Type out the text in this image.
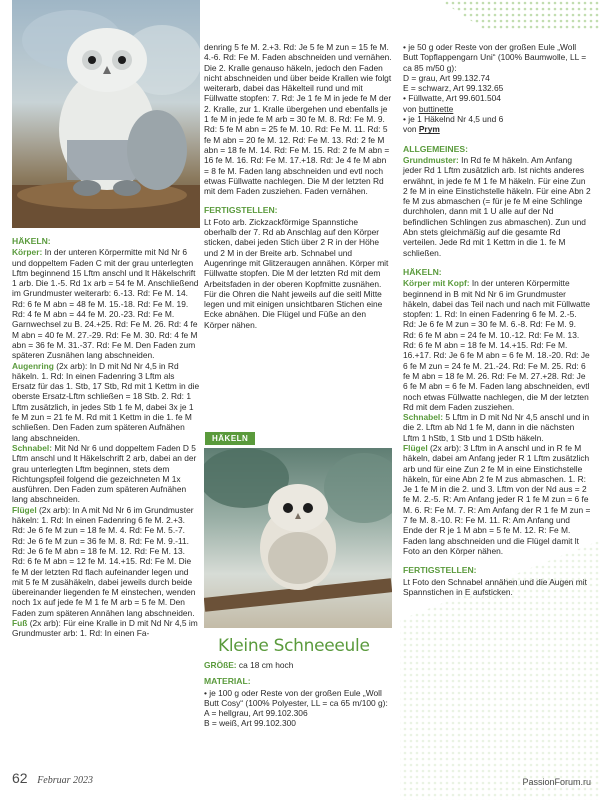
HÄKELN:

Körper: In der unteren Körpermitte mit Nd Nr 6 und doppeltem Faden C mit der grau unterlegten Lftm beginnend 15 Lftm anschl und lt Häkelschrift 1 arb. Die 1.-5. Rd 1x arb = 54 fe M. Anschließend im Grundmuster weiterarb: 6.-13. Rd: Fe M. 14. Rd: 6 fe M abn = 48 fe M. 15.-18. Rd: Fe M. 19. Rd: 4 fe M abn = 44 fe M. 20.-23. Rd: Fe M. Garnwechsel zu B. 24.+25. Rd: Fe M. 26. Rd: 4 fe M abn = 40 fe M. 27.-29. Rd: Fe M. 30. Rd: 4 fe M abn = 36 fe M. 31.-37. Rd: Fe M. Den Faden zum späteren Zusnähen lang abschneiden.

Augenring (2x arb): In D mit Nd Nr 4,5 in Rd häkeln. 1. Rd: In einen Fadenring 3 Lftm als Ersatz für das 1. Stb, 17 Stb, Rd mit 1 Kettm in die oberste Ersatz-Lftm schließen = 18 Stb. 2. Rd: 1 Lftm zusätzlich, in jedes Stb 1 fe M, dabei 3x je 1 fe M zun = 21 fe M. Rd mit 1 Kettm in die 1. fe M schließen. Den Faden zum späteren Aufnähen lang abschneiden.

Schnabel: Mit Nd Nr 6 und doppeltem Faden D 5 Lftm anschl und lt Häkelschrift 2 arb, dabei an der grau unterlegten Lftm beginnen, stets dem Richtungspfeil folgend die gezeichneten M 1x ausführen. Den Faden zum späteren Aufnähen lang abschneiden.

Flügel (2x arb): In A mit Nd Nr 6 im Grundmuster häkeln: 1. Rd: In einen Fadenring 6 fe M. 2.+3. Rd: Je 6 fe M zun = 18 fe M. 4. Rd: Fe M. 5.-7. Rd: Je 6 fe M zun = 36 fe M. 8. Rd: Fe M. 9.-11. Rd: Je 6 fe M abn = 18 fe M. 12. Rd: Fe M. 13. Rd: 6 fe M abn = 12 fe M. 14.+15. Rd: Fe M. Die fe M der letzten Rd flach aufeinander legen und mit 5 fe M zusähäkeln, dabei jeweils durch beide übereinander liegenden fe M einstechen, wenden noch 1x auf jede fe M 1 fe M arb = 5 fe M. Den Faden zum späteren Annähen lang abschneiden.

Fuß (2x arb): Für eine Kralle in D mit Nd Nr 4,5 im Grundmuster arb: 1. Rd: In einen Fa-

denring 5 fe M. 2.+3. Rd: Je 5 fe M zun = 15 fe M. 4.-6. Rd: Fe M. Faden abschneiden und vernähen. Die 2. Kralle genauso häkeln, jedoch den Faden nicht abschneiden und über beide Krallen wie folgt weiterarb, dabei das Häkelteil rund und mit Füllwatte stopfen: 7. Rd: Je 1 fe M in jede fe M der 2. Kralle, zur 1. Kralle übergehen und ebenfalls je 1 fe M in jede fe M arb = 30 fe M. 8. Rd: Fe M. 9. Rd: 5 fe M abn = 25 fe M. 10. Rd: Fe M. 11. Rd: 5 fe M abn = 20 fe M. 12. Rd: Fe M. 13. Rd: 2 fe M abn = 18 fe M. 14. Rd: Fe M. 15. Rd: 2 fe M abn = 16 fe M. 16. Rd: Fe M. 17.+18. Rd: Je 4 fe M abn = 8 fe M. Faden lang abschneiden und evtl noch etwas Füllwatte nachlegen. Die M der letzten Rd mit dem Faden zusziehen. Faden vernähen.

FERTIGSTELLEN:

Lt Foto arb. Zickzackförmige Spannstiche oberhalb der 7. Rd ab Anschlag auf den Körper sticken, dabei jeden Stich über 2 R in der Höhe und 2 M in der Breite arb. Schnabel und Augenringe mit Glitzeraugen annähen. Körper mit Füllwatte stopfen. Die M der letzten Rd mit dem Arbeitsfaden in der oberen Kopfmitte zusnähen. Für die Ohren die Naht jeweils auf die seitl Mitte legen und mit einigen unsichtbaren Stichen eine Ecke abnähen. Die Flügel und Füße an den Körper nähen.

HÄKELN
Kleine Schneeeule

GRÖßE: ca 18 cm hoch

MATERIAL:

• je 100 g oder Reste von der großen Eule „Woll Butt Cosy“ (100% Polyester, LL = ca 65 m/100 g):

A = hellgrau, Art 99.102.306

B = weiß, Art 99.102.300

• je 50 g oder Reste von der großen Eule „Woll Butt Topflappengarn Uni“ (100% Baumwolle, LL = ca 85 m/50 g):

D = grau, Art 99.132.74

E = schwarz, Art 99.132.65

• Füllwatte, Art 99.601.504

von buttinette

• je 1 Häkelnd Nr 4,5 und 6

von Prym

ALLGEMEINES:

Grundmuster: In Rd fe M häkeln. Am Anfang jeder Rd 1 Lftm zusätzlich arb. Ist nichts anderes erwähnt, in jede fe M 1 fe M häkeln. Für eine Zun 2 fe M in eine Einstichstelle häkeln. Für eine Abn 2 fe M zus abmaschen (= für je fe M eine Schlinge durchholen, dann mit 1 U alle auf der Nd befindlichen Schlingen zus abmaschen). Zun und Abn stets gleichmäßig auf die gesamte Rd verteilen. Jede Rd mit 1 Kettm in die 1. fe M schließen.

HÄKELN:

Körper mit Kopf: In der unteren Körpermitte beginnend in B mit Nd Nr 6 im Grundmuster häkeln, dabei das Teil nach und nach mit Füllwatte stopfen: 1. Rd: In einen Fadenring 6 fe M. 2.-5. Rd: Je 6 fe M zun = 30 fe M. 6.-8. Rd: Fe M. 9. Rd: 6 fe M abn = 24 fe M. 10.-12. Rd: Fe M. 13. Rd: 6 fe M abn = 18 fe M. 14.+15. Rd: Fe M. 16.+17. Rd: Je 6 fe M abn = 6 fe M. 18.-20. Rd: Je 6 fe M zun = 24 fe M. 21.-24. Rd: Fe M. 25. Rd: 6 fe M abn = 18 fe M. 26. Rd: Fe M. 27.+28. Rd: Je 6 fe M abn = 6 fe M. Faden lang abschneiden, evtl noch etwas Füllwatte nachlegen, die M der letzten Rd mit dem Faden zusziehen.

Schnabel: 5 Lftm in D mit Nd Nr 4,5 anschl und in die 2. Lftm ab Nd 1 fe M, dann in die nächsten Lftm 1 hStb, 1 Stb und 1 DStb häkeln.

Flügel (2x arb): 3 Lftm in A anschl und in R fe M häkeln, dabei am Anfang jeder R 1 Lftm zusätzlich arb und für eine Zun 2 fe M in eine Einstichstelle häkeln, für eine Abn 2 fe M zus abmaschen. 1. R: Je 1 fe M in die 2. und 3. Lftm von der Nd aus = 2 fe M. 2.-5. R: Am Anfang jeder R 1 fe M zun = 6 fe M. 6. R: Fe M. 7. R: Am Anfang der R 1 fe M zun = 7 fe M. 8.-10. R: Fe M. 11. R: Am Anfang und Ende der R je 1 M abn = 5 fe M. 12. R: Fe M. Faden lang abschneiden und die Flügel damit lt Foto an den Körper nähen.

FERTIGSTELLEN:

Lt Foto den Schnabel annähen und die Augen mit Spannstichen in E aufsticken.

62 Februar 2023	PassionForum.ru
